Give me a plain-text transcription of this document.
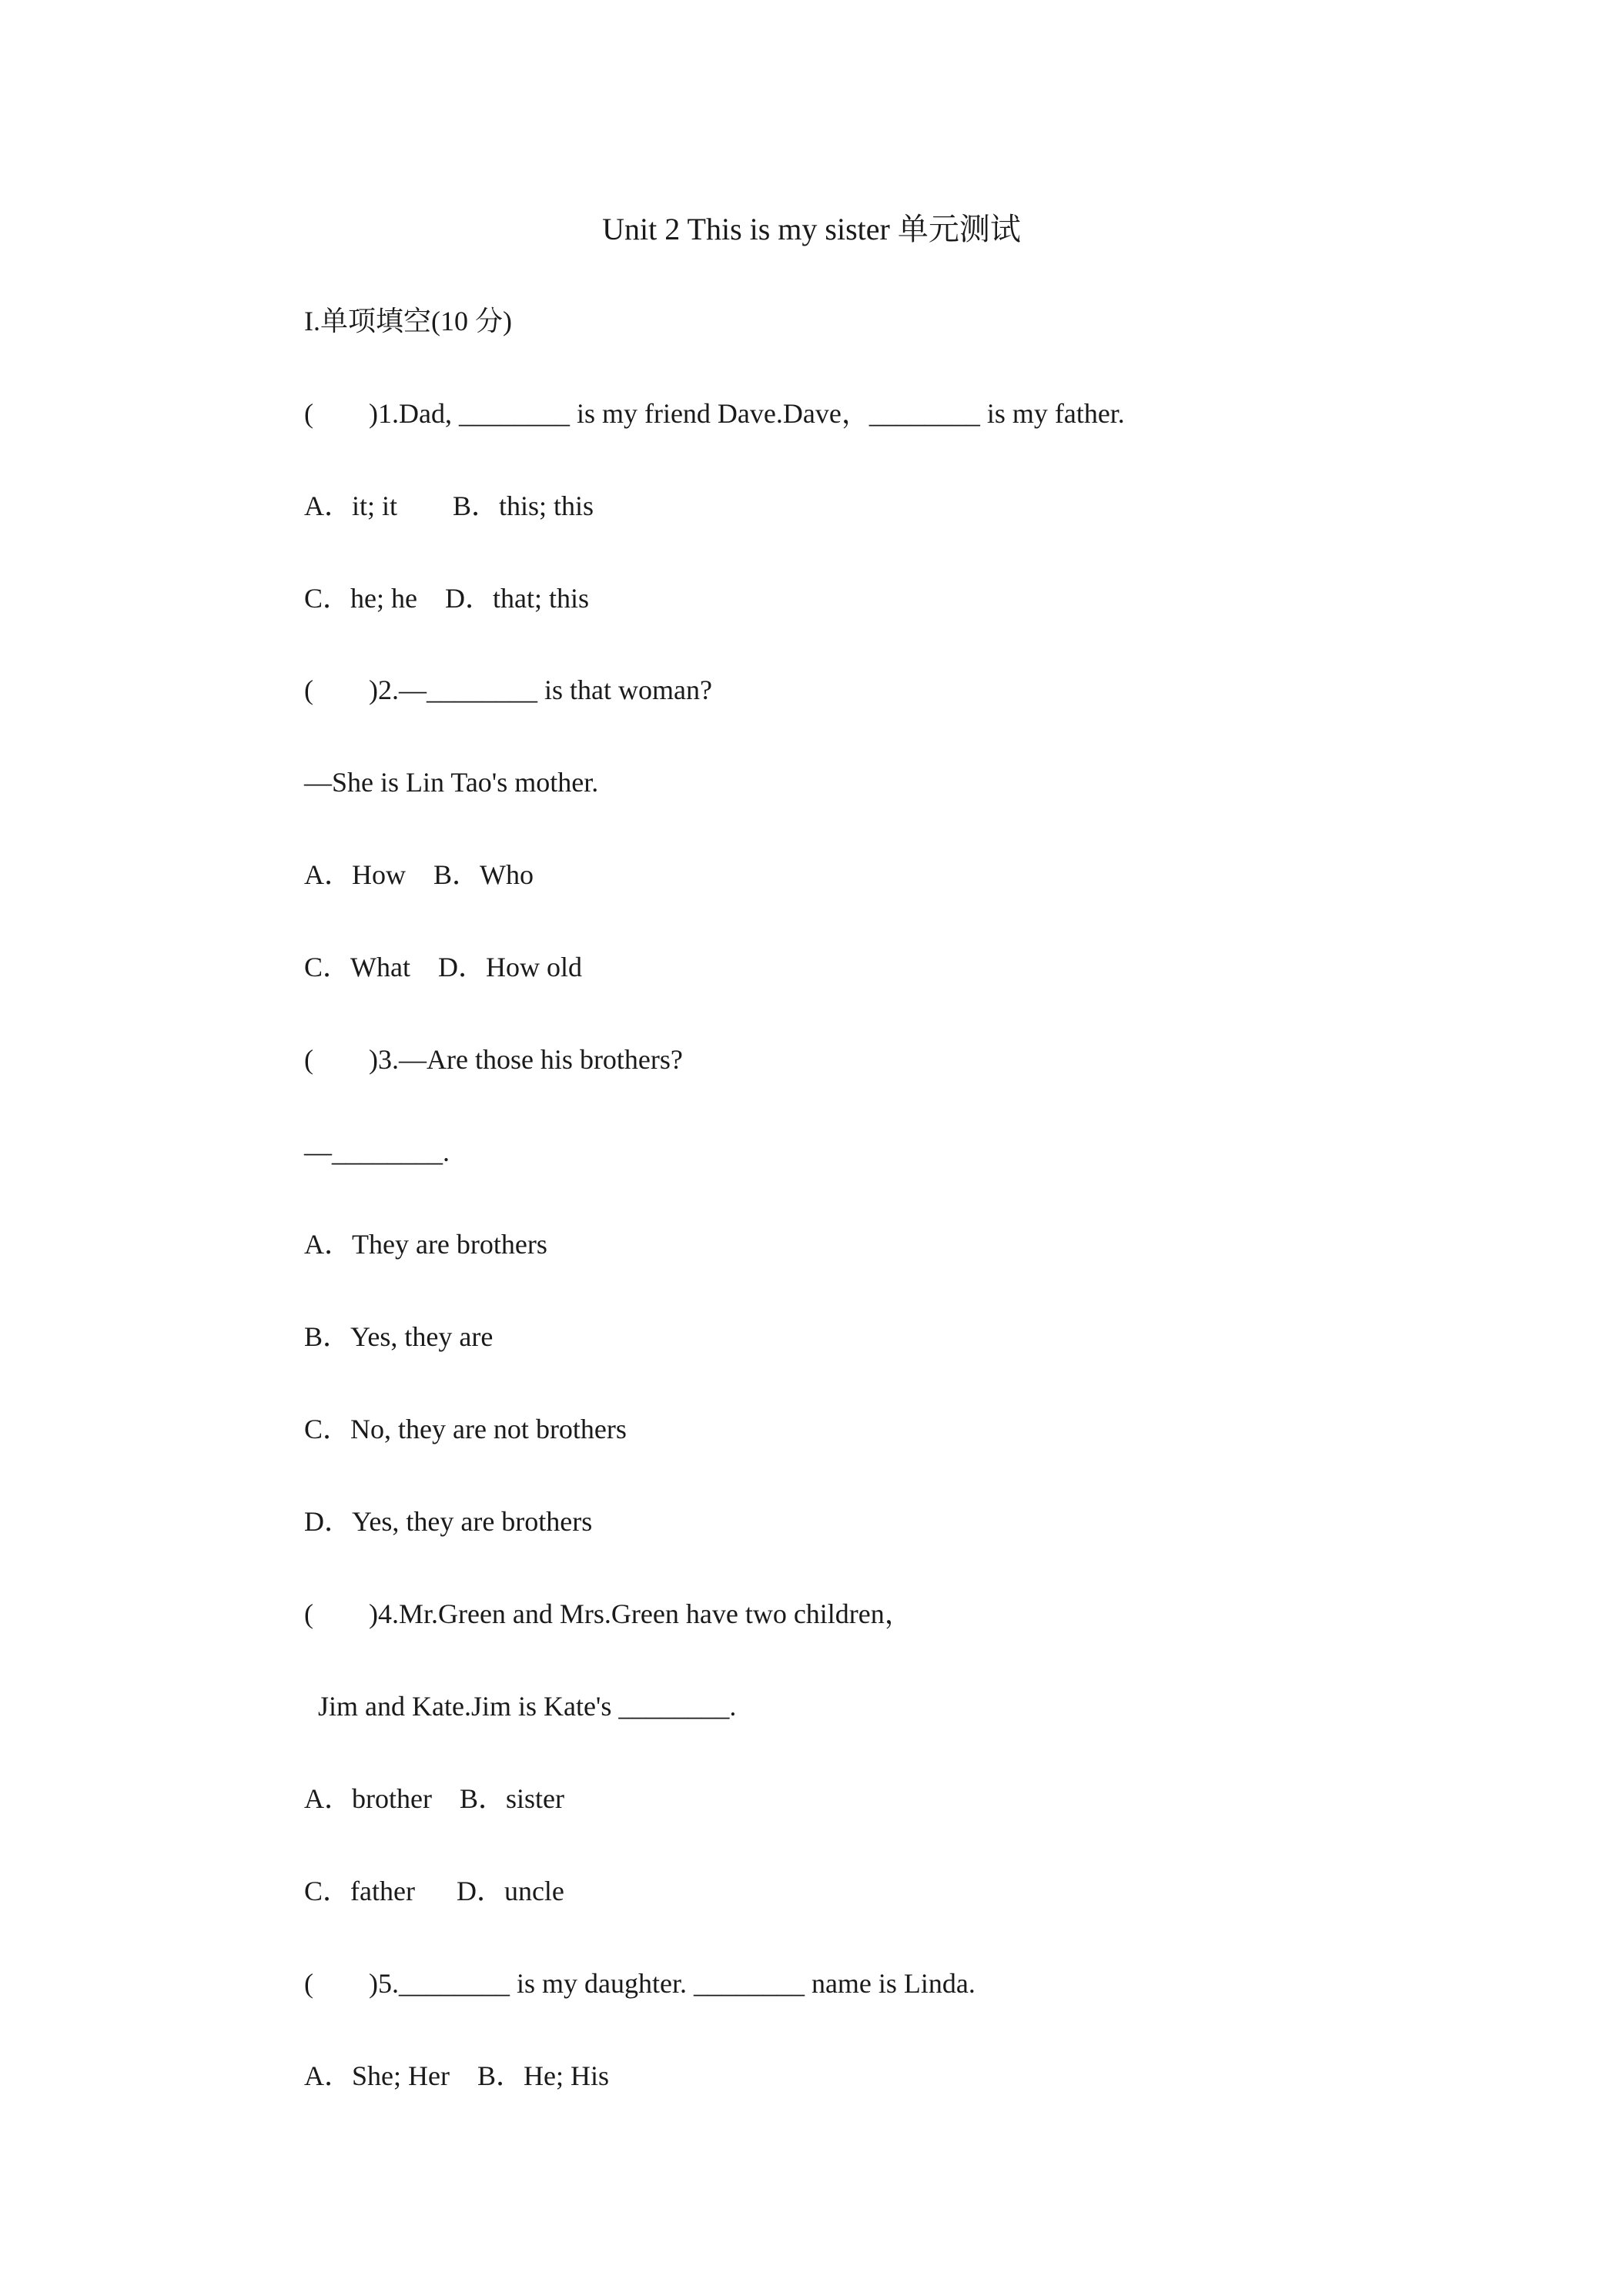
Unit 2 This is my sister 单元测试
I.单项填空(10 分)
(        )1.Dad, ________ is my friend Dave.Dave，________ is my father.
A．it; it        B．this; this
C．he; he    D．that; this
(        )2.—________ is that woman?
—She is Lin Tao's mother.
A．How    B．Who
C．What    D．How old
(        )3.—Are those his brothers?
—________.
A．They are brothers
B．Yes, they are
C．No, they are not brothers
D．Yes, they are brothers
(        )4.Mr.Green and Mrs.Green have two children，
Jim and Kate.Jim is Kate's ________.
A．brother    B．sister
C．father      D．uncle
(        )5.________ is my daughter. ________ name is Linda.
A．She; Her    B．He; His
